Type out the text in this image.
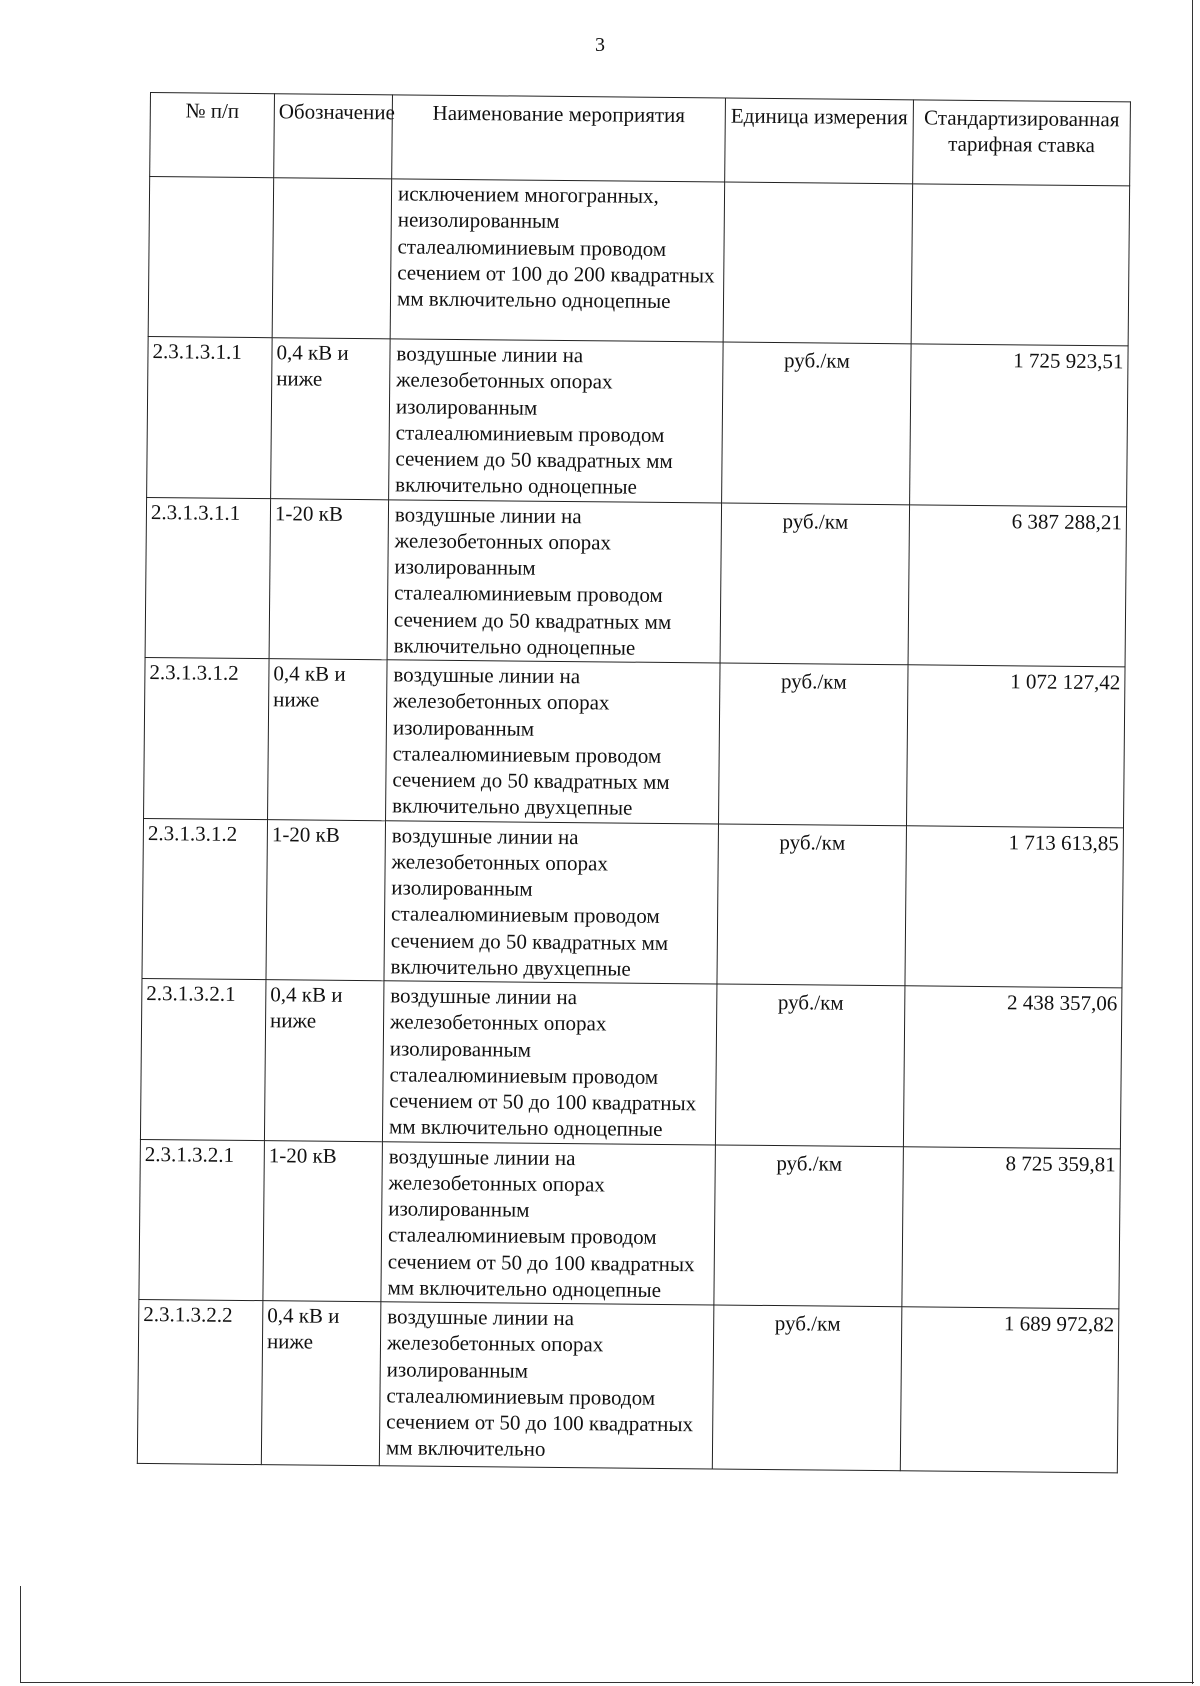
3
№ п/п	Обозначение	Наименование мероприятия	Единица измерения	Стандартизированная тарифная ставка
		исключением многогранных, неизолированным сталеалюминиевым проводом сечением от 100 до 200 квадратных мм включительно одноцепные		
2.3.1.3.1.1	0,4 кВ и ниже	воздушные линии на железобетонных опорах изолированным сталеалюминиевым проводом сечением до 50 квадратных мм включительно одноцепные	руб./км	1 725 923,51
2.3.1.3.1.1	1-20 кВ	воздушные линии на железобетонных опорах изолированным сталеалюминиевым проводом сечением до 50 квадратных мм включительно одноцепные	руб./км	6 387 288,21
2.3.1.3.1.2	0,4 кВ и ниже	воздушные линии на железобетонных опорах изолированным сталеалюминиевым проводом сечением до 50 квадратных мм включительно двухцепные	руб./км	1 072 127,42
2.3.1.3.1.2	1-20 кВ	воздушные линии на железобетонных опорах изолированным сталеалюминиевым проводом сечением до 50 квадратных мм включительно двухцепные	руб./км	1 713 613,85
2.3.1.3.2.1	0,4 кВ и ниже	воздушные линии на железобетонных опорах изолированным сталеалюминиевым проводом сечением от 50 до 100 квадратных мм включительно одноцепные	руб./км	2 438 357,06
2.3.1.3.2.1	1-20 кВ	воздушные линии на железобетонных опорах изолированным сталеалюминиевым проводом сечением от 50 до 100 квадратных мм включительно одноцепные	руб./км	8 725 359,81
2.3.1.3.2.2	0,4 кВ и ниже	воздушные линии на железобетонных опорах изолированным сталеалюминиевым проводом сечением от 50 до 100 квадратных мм включительно	руб./км	1 689 972,82
